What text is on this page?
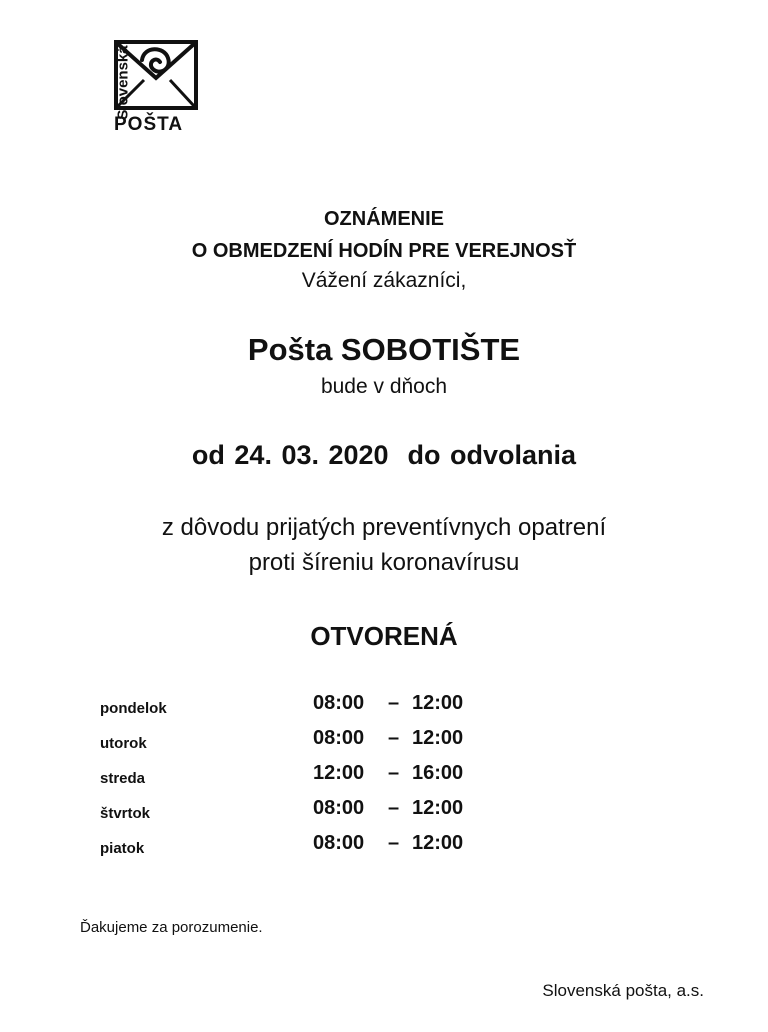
Slovenská
POŠTA
OZNÁMENIE
O OBMEDZENÍ HODÍN PRE VEREJNOSŤ
Vážení zákazníci,
Pošta SOBOTIŠTE
bude v dňoch
od 24. 03. 2020  do odvolania
z dôvodu prijatých preventívnych opatrení
proti šíreniu koronavírusu
OTVORENÁ
pondelok	08:00 – 12:00
utorok	08:00 – 12:00
streda	12:00 – 16:00
štvrtok	08:00 – 12:00
piatok	08:00 – 12:00
Ďakujeme za porozumenie.
Slovenská pošta, a.s.
